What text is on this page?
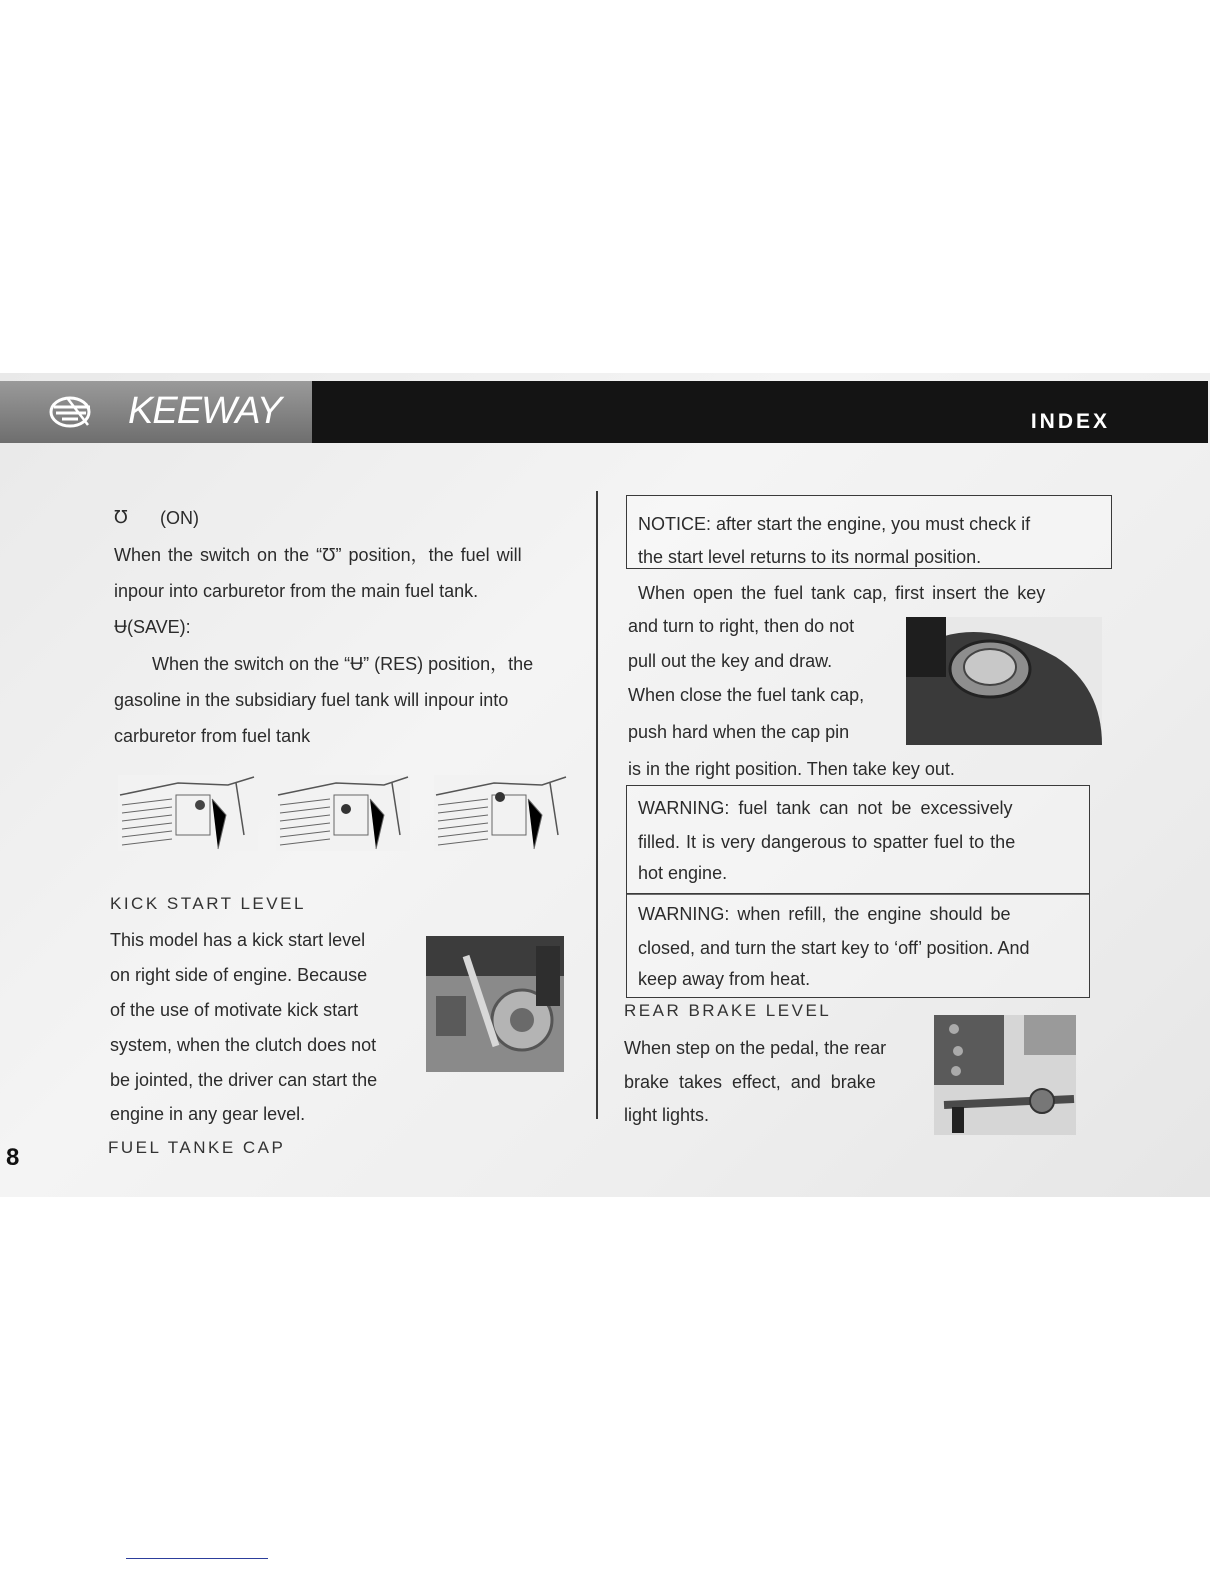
KEEWAY	INDEX
Ʊ (ON)
When the switch on the “Ʊ” position，the fuel will
inpour into carburetor from the main fuel tank.
Ʉ(SAVE):
When the switch on the “Ʉ” (RES) position，the
gasoline in the subsidiary fuel tank will inpour into
carburetor from fuel tank
KICK START LEVEL
This model has a kick start level
on right side of engine. Because
of the use of motivate kick start
system, when the clutch does not
be jointed, the driver can start the
engine in any gear level.
FUEL TANKE CAP
NOTICE: after start the engine, you must check if
the start level returns to its normal position.
When open the fuel tank cap, first insert the key
and turn to right, then do not
pull out the key and draw.
When close the fuel tank cap,
push hard when the cap pin
is in the right position. Then take key out.
WARNING: fuel tank can not be excessively
filled. It is very dangerous to spatter fuel to the
hot engine.
WARNING: when refill, the engine should be
closed, and turn the start key to ‘off’ position. And
keep away from heat.
REAR BRAKE LEVEL
When step on the pedal, the rear
brake takes effect, and brake
light lights.
8
